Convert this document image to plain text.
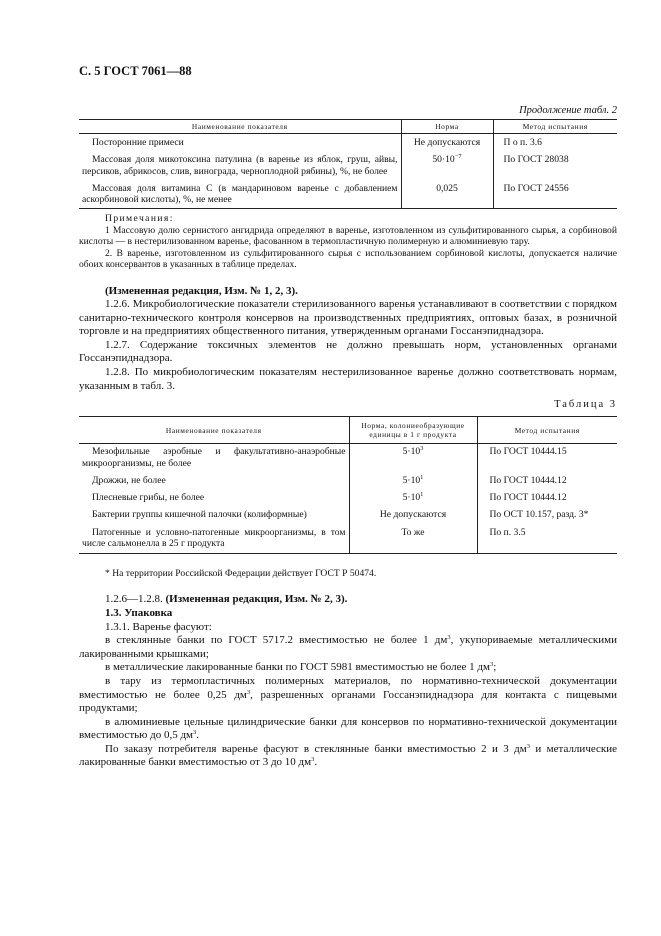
С. 5 ГОСТ 7061—88

Продолжение табл. 2
Наименование показателя	Норма	Метод испытания
Посторонние примеси	Не допускаются	П о п. 3.6
Массовая доля микотоксина патулина (в варенье из яблок, груш, айвы, персиков, абрикосов, слив, винограда, черноплодной рябины), %, не более	$50\cdot 10^{-7}$	По ГОСТ 28038
Массовая доля витамина С (в мандариновом варенье с добавлением аскорбиновой кислоты), %, не менее	0,025	По ГОСТ 24556

Примечания:

1 Массовую долю сернистого ангидрида определяют в варенье, изготовленном из сульфитированного сырья, а сорбиновой кислоты — в нестерилизованном варенье, фасованном в термопластичную полимерную и алюминиевую тару.

2. В варенье, изготовленном из сульфитированного сырья с использованием сорбиновой кислоты, допускается наличие обоих консервантов в указанных в таблице пределах.

(Измененная редакция, Изм. № 1, 2, 3).

1.2.6. Микробиологические показатели стерилизованного варенья устанавливают в соответствии с порядком санитарно-технического контроля консервов на производственных предприятиях, оптовых базах, в розничной торговле и на предприятиях общественного питания, утвержденным органами Госсанэпиднадзора.

1.2.7. Содержание токсичных элементов не должно превышать норм, установленных органами Госсанэпиднадзора.

1.2.8. По микробиологическим показателям нестерилизованное варенье должно соответствовать нормам, указанным в табл. 3.

Таблица 3
Наименование показателя	Норма, колониеобразующие единицы в 1 г продукта	Метод испытания
Мезофильные аэробные и факультативно-анаэробные микроорганизмы, не более	$5\cdot 10^3$	По ГОСТ 10444.15
Дрожжи, не более	$5\cdot 10^1$	По ГОСТ 10444.12
Плесневые грибы, не более	$5\cdot 10^1$	По ГОСТ 10444.12
Бактерии группы кишечной палочки (колиформные)	Не допускаются	По ОСТ 10.157, разд. 3*
Патогенные и условно-патогенные микроорганизмы, в том числе сальмонелла в 25 г продукта	То же	По п. 3.5
* На территории Российской Федерации действует ГОСТ Р 50474.

1.2.6—1.2.8. (Измененная редакция, Изм. № 2, 3).

1.3. Упаковка

1.3.1. Варенье фасуют:

в стеклянные банки по ГОСТ 5717.2 вместимостью не более 1 $дм^3$, укупориваемые металлическими лакированными крышками;

в металлические лакированные банки по ГОСТ 5981 вместимостью не более 1 $дм^3$;

в тару из термопластичных полимерных материалов, по нормативно-технической документации вместимостью не более 0,25 $дм^3$, разрешенных органами Госсанэпиднадзора для контакта с пищевыми продуктами;

в алюминиевые цельные цилиндрические банки для консервов по нормативно-технической документации вместимостью до 0,5 $дм^3$.

По заказу потребителя варенье фасуют в стеклянные банки вместимостью 2 и 3 $дм^3$ и металлические лакированные банки вместимостью от 3 до 10 $дм^3$.
